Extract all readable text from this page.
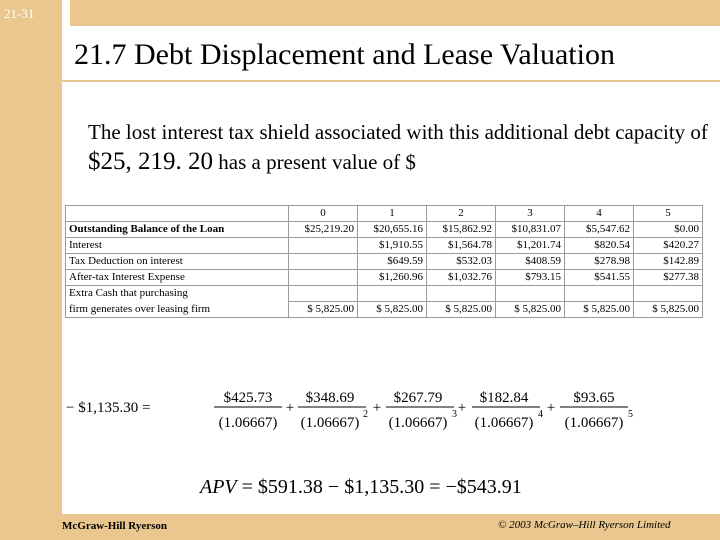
21-31
21.7 Debt Displacement and Lease Valuation
The lost interest tax shield associated with this additional debt capacity of $25, 219. 20 has a present value of $
	0	1	2	3	4	5
Outstanding Balance of the Loan	$25,219.20	$20,655.16	$15,862.92	$10,831.07	$5,547.62	$0.00
Interest		$1,910.55	$1,564.78	$1,201.74	$820.54	$420.27
Tax Deduction on interest		$649.59	$532.03	$408.59	$278.98	$142.89
After-tax Interest Expense		$1,260.96	$1,032.76	$793.15	$541.55	$277.38
Extra Cash that purchasing						
firm generates over leasing firm	$ 5,825.00	$ 5,825.00	$ 5,825.00	$ 5,825.00	$ 5,825.00	$ 5,825.00
− $1,135.30 =
$425.73
(1.06667)
+
$348.69
(1.06667)
2 +
$267.79
(1.06667)
3 +
$182.84
(1.06667)
4 +
$93.65
(1.06667)
5
APV = $591.38 − $1,135.30 = −$543.91
McGraw-Hill Ryerson	© 2003 McGraw–Hill Ryerson Limited
